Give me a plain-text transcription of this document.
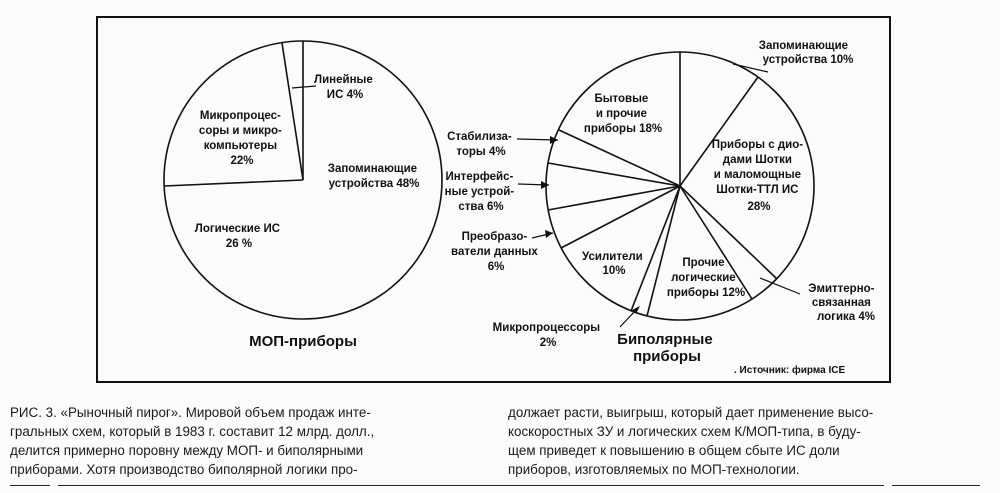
Линейные ИС 4%
Запоминающие устройства 48%
Логические ИС 26 %
Микропроцес- соры и микро- компьютеры 22%
МОП-приборы
Запоминающие устройства 10%
Приборы с дио- дами Шотки и маломощные Шотки-ТТЛ ИС 28%
Эмиттерно- связанная логика 4%
Прочие логические приборы 12%
Микропроцессоры 2%
Усилители 10%
Преобразо- ватели данных 6%
Интерфейс- ные устрой- ства 6%
Стабилиза- торы 4%
Бытовые и прочие приборы 18%
Биполярные приборы
. Источник: фирма ICE
РИС. 3. «Рыночный пирог». Мировой объем продаж инте-
гральных схем, который в 1983 г. составит 12 млрд. долл.,
делится примерно поровну между МОП- и биполярными
приборами. Хотя производство биполярной логики про-
должает расти, выигрыш, который дает применение высо-
коскоростных ЗУ и логических схем К/МОП-типа, в буду-
щем приведет к повышению в общем сбыте ИС доли
приборов, изготовляемых по МОП-технологии.
